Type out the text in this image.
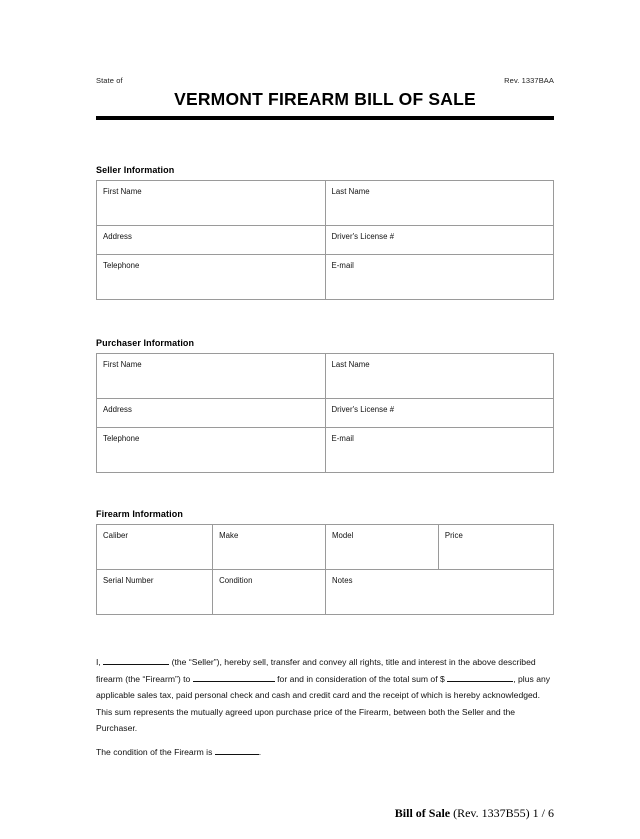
State of	Rev. 1337BAA
VERMONT FIREARM BILL OF SALE
Seller Information
First Name	Last Name
Address	Driver's License #
Telephone	E-mail
Purchaser Information
First Name	Last Name
Address	Driver's License #
Telephone	E-mail
Firearm Information
Caliber	Make	Model	Price
Serial Number	Condition	Notes	
I,	(the “Seller”), hereby sell, transfer and convey all rights, title and interest in the above described firearm (the “Firearm”) to	for and in consideration of the total sum of $	, plus any applicable sales tax, paid personal check and cash and credit card and the receipt of which is hereby acknowledged. This sum represents the mutually agreed upon purchase price of the Firearm, between both the Seller and the Purchaser.
The condition of the Firearm is	.
Bill of Sale (Rev. 1337B55) 1 / 6
